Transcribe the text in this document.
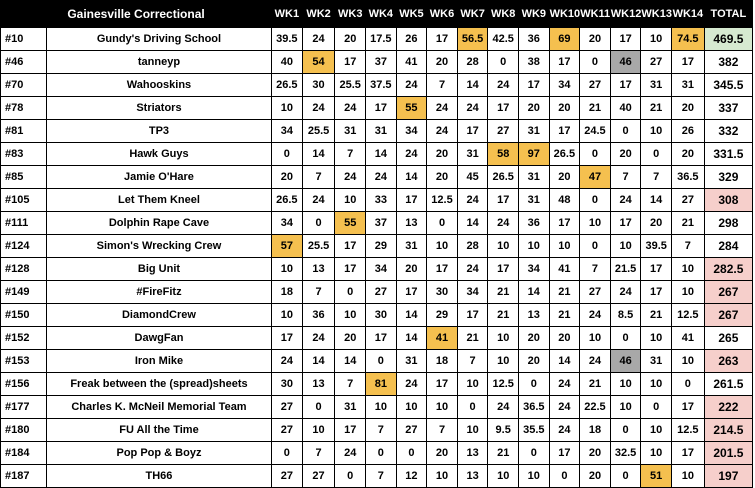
Gainesville Correctional		WK1	WK2	WK3	WK4	WK5	WK6	WK7	WK8	WK9	WK10	WK11	WK12	WK13	WK14	TOTAL
#10	Gundy's Driving School	39.5	24	20	17.5	26	17	56.5	42.5	36	69	20	17	10	74.5	469.5
#46	tanneyp	40	54	17	37	41	20	28	0	38	17	0	46	27	17	382
#70	Wahooskins	26.5	30	25.5	37.5	24	7	14	24	17	34	27	17	31	31	345.5
#78	Striators	10	24	24	17	55	24	24	17	20	20	21	40	21	20	337
#81	TP3	34	25.5	31	31	34	24	17	27	31	17	24.5	0	10	26	332
#83	Hawk Guys	0	14	7	14	24	20	31	58	97	26.5	0	20	0	20	331.5
#85	Jamie O'Hare	20	7	24	24	14	20	45	26.5	31	20	47	7	7	36.5	329
#105	Let Them Kneel	26.5	24	10	33	17	12.5	24	17	31	48	0	24	14	27	308
#111	Dolphin Rape Cave	34	0	55	37	13	0	14	24	36	17	10	17	20	21	298
#124	Simon's Wrecking Crew	57	25.5	17	29	31	10	28	10	10	10	0	10	39.5	7	284
#128	Big Unit	10	13	17	34	20	17	24	17	34	41	7	21.5	17	10	282.5
#149	#FireFitz	18	7	0	27	17	30	34	21	14	21	27	24	17	10	267
#150	DiamondCrew	10	36	10	30	14	29	17	21	13	21	24	8.5	21	12.5	267
#152	DawgFan	17	24	20	17	14	41	21	10	20	20	10	0	10	41	265
#153	Iron Mike	24	14	14	0	31	18	7	10	20	14	24	46	31	10	263
#156	Freak between the (spread)sheets	30	13	7	81	24	17	10	12.5	0	24	21	10	10	0	261.5
#177	Charles K. McNeil Memorial Team	27	0	31	10	10	10	0	24	36.5	24	22.5	10	0	17	222
#180	FU All the Time	27	10	17	7	27	7	10	9.5	35.5	24	18	0	10	12.5	214.5
#184	Pop Pop & Boyz	0	7	24	0	0	20	13	21	0	17	20	32.5	10	17	201.5
#187	TH66	27	27	0	7	12	10	13	10	10	0	20	0	51	10	197
